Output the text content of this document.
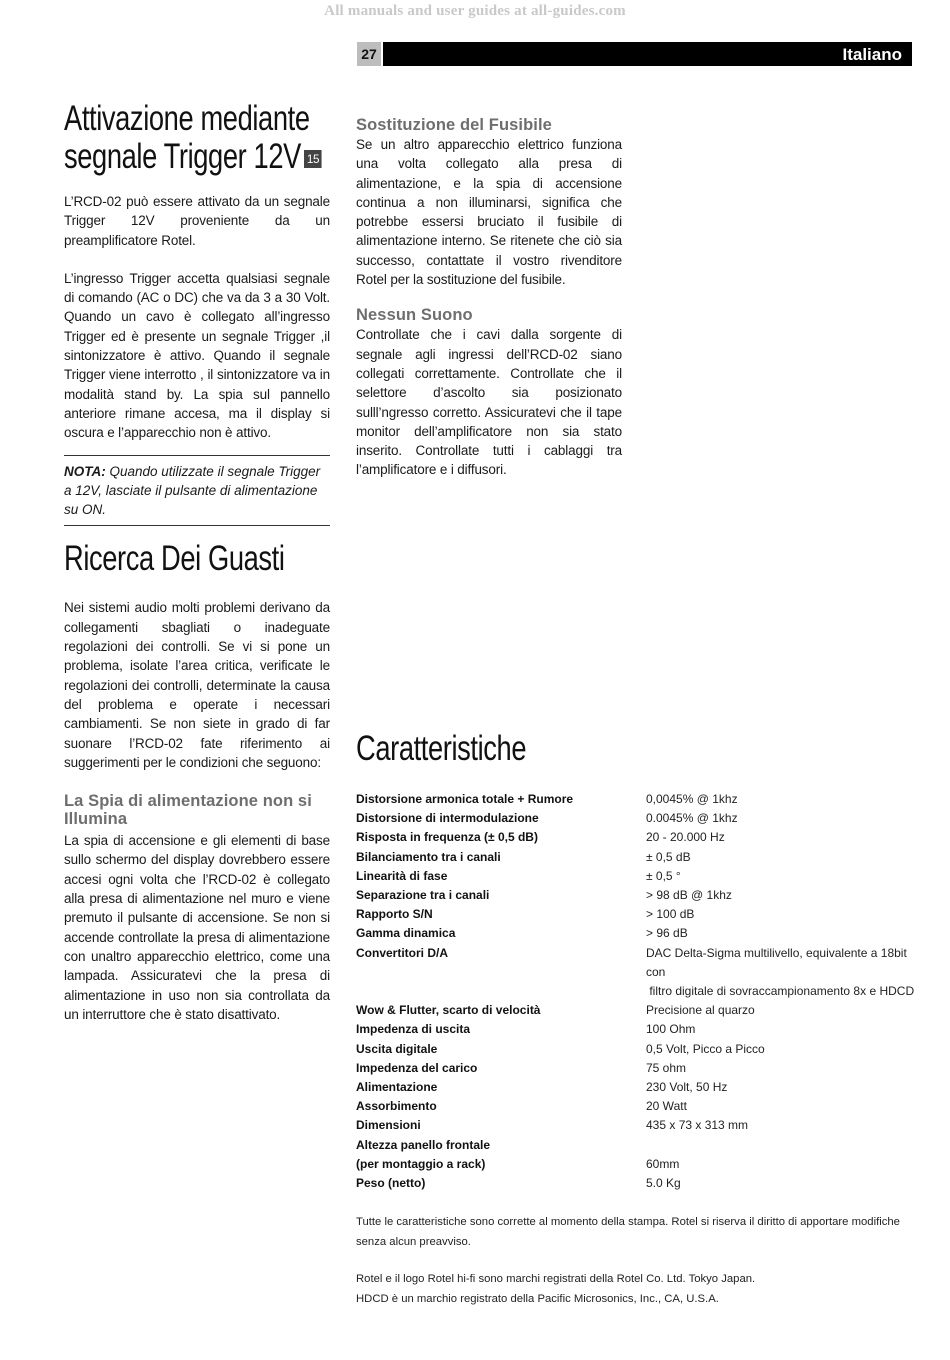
All manuals and user guides at all-guides.com
27	Italiano
Attivazione mediante
segnale Trigger 12V 15

L’RCD-02 può essere attivato da un segnale Trigger 12V proveniente da un preamplificatore Rotel.

L’ingresso Trigger accetta qualsiasi segnale di comando (AC o DC) che va da 3 a 30 Volt. Quando un cavo è collegato all’ingresso Trigger ed è presente un segnale Trigger ,il sintonizzatore è attivo. Quando il segnale Trigger viene interrotto , il sintonizzatore va in modalità stand by. La spia sul pannello anteriore rimane accesa, ma il display si oscura e l’apparecchio non è attivo.

NOTA: Quando utilizzate il segnale Trigger a 12V, lasciate il pulsante di alimentazione su ON.
Ricerca Dei Guasti

Nei sistemi audio molti problemi derivano da collegamenti sbagliati o inadeguate regolazioni dei controlli. Se vi si pone un problema, isolate l’area critica, verificate le regolazioni dei controlli, determinate la causa del problema e operate i necessari cambiamenti. Se non siete in grado di far suonare l’RCD-02 fate riferimento ai suggerimenti per le condizioni che seguono:

La Spia di alimentazione non si Illumina

La spia di accensione e gli elementi di base sullo schermo del display dovrebbero essere accesi ogni volta che l’RCD-02 è collegato alla presa di alimentazione nel muro e viene premuto il pulsante di accensione. Se non si accende controllate la presa di alimentazione con unaltro apparecchio elettrico, come una lampada. Assicuratevi che la presa di alimentazione in uso non sia controllata da un interruttore che è stato disattivato.

Sostituzione del Fusibile

Se un altro apparecchio elettrico funziona una volta collegato alla presa di alimentazione, e la spia di accensione continua a non illuminarsi, significa che potrebbe essersi bruciato il fusibile di alimentazione interno. Se ritenete che ciò sia successo, contattate il vostro rivenditore Rotel per la sostituzione del fusibile.

Nessun Suono

Controllate che i cavi dalla sorgente di segnale agli ingressi dell’RCD-02 siano collegati correttamente. Controllate che il selettore d’ascolto sia posizionato sulll’ngresso corretto. Assicuratevi che il tape monitor dell’amplificatore non sia stato inserito. Controllate tutti i cablaggi tra l’amplificatore e i diffusori.

Caratteristiche
Distorsione armonica totale + Rumore	0,0045% @ 1khz

Distorsione di intermodulazione	0.0045% @ 1khz

Risposta in frequenza (± 0,5 dB)	20 - 20.000 Hz

Bilanciamento tra i canali	± 0,5 dB

Linearità di fase	± 0,5 °

Separazione tra i canali	> 98 dB @ 1khz

Rapporto S/N	> 100 dB

Gamma dinamica	> 96 dB

Convertitori D/A	DAC Delta-Sigma multilivello, equivalente a 18bit con
filtro digitale di sovraccampionamento 8x e HDCD

Wow & Flutter, scarto di velocità	Precisione al quarzo

Impedenza di uscita	100 Ohm

Uscita digitale	0,5 Volt, Picco a Picco

Impedenza del carico	75 ohm

Alimentazione	230 Volt, 50 Hz

Assorbimento	20 Watt

Dimensioni	435 x 73 x 313 mm

Altezza panello frontale	

(per montaggio a rack)	60mm

Peso (netto)	5.0 Kg
Tutte le caratteristiche sono corrette al momento della stampa. Rotel si riserva il diritto di apportare modifiche senza alcun preavviso.
Rotel e il logo Rotel hi-fi sono marchi registrati della Rotel Co. Ltd. Tokyo Japan.
HDCD è un marchio registrato della Pacific Microsonics, Inc., CA, U.S.A.
